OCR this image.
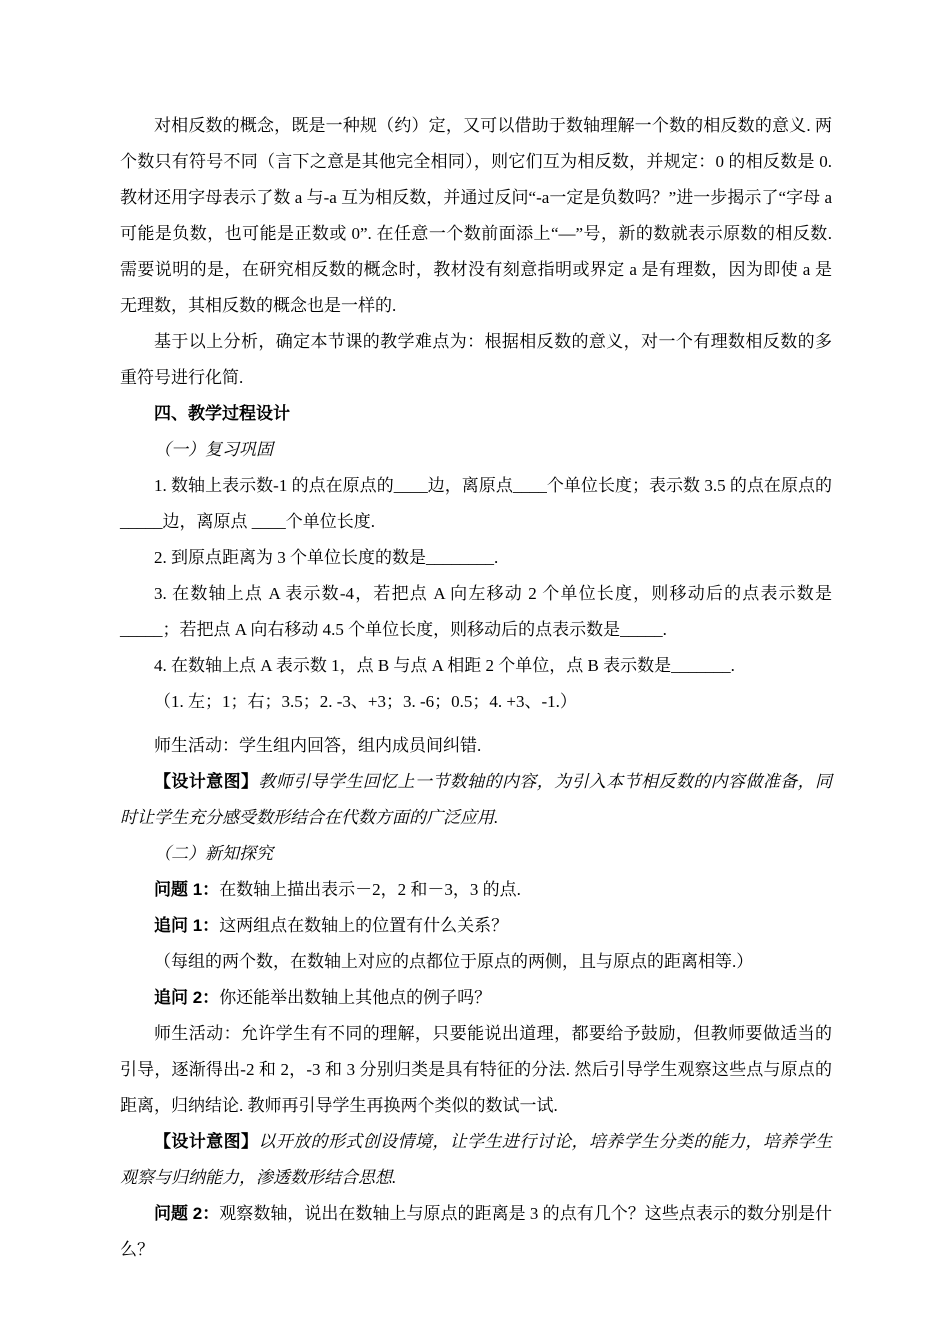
对相反数的概念，既是一种规（约）定，又可以借助于数轴理解一个数的相反数的意义. 两个数只有符号不同（言下之意是其他完全相同），则它们互为相反数，并规定：0 的相反数是 0. 教材还用字母表示了数 a 与-a 互为相反数，并通过反问“-a一定是负数吗？”进一步揭示了“字母 a 可能是负数，也可能是正数或 0”. 在任意一个数前面添上“—”号，新的数就表示原数的相反数. 需要说明的是，在研究相反数的概念时，教材没有刻意指明或界定 a 是有理数，因为即使 a 是无理数，其相反数的概念也是一样的.

基于以上分析，确定本节课的教学难点为：根据相反数的意义，对一个有理数相反数的多重符号进行化简.

四、教学过程设计

（一）复习巩固

1. 数轴上表示数-1 的点在原点的____边，离原点____个单位长度；表示数 3.5 的点在原点的_____边，离原点 ____个单位长度.

2. 到原点距离为 3 个单位长度的数是________.

3. 在数轴上点 A 表示数-4，若把点 A 向左移动 2 个单位长度，则移动后的点表示数是_____；若把点 A 向右移动 4.5 个单位长度，则移动后的点表示数是_____.

4. 在数轴上点 A 表示数 1，点 B 与点 A 相距 2 个单位，点 B 表示数是_______.

（1. 左；1；右；3.5；2. -3、+3；3. -6；0.5；4. +3、-1.）

师生活动：学生组内回答，组内成员间纠错.

【设计意图】教师引导学生回忆上一节数轴的内容，为引入本节相反数的内容做准备，同时让学生充分感受数形结合在代数方面的广泛应用.

（二）新知探究

问题 1：在数轴上描出表示－2，2 和－3，3 的点.

追问 1：这两组点在数轴上的位置有什么关系？

（每组的两个数，在数轴上对应的点都位于原点的两侧，且与原点的距离相等.）

追问 2：你还能举出数轴上其他点的例子吗？

师生活动：允许学生有不同的理解，只要能说出道理，都要给予鼓励，但教师要做适当的引导，逐渐得出-2 和 2，-3 和 3 分别归类是具有特征的分法. 然后引导学生观察这些点与原点的距离，归纳结论. 教师再引导学生再换两个类似的数试一试.

【设计意图】以开放的形式创设情境，让学生进行讨论，培养学生分类的能力，培养学生观察与归纳能力，渗透数形结合思想.

问题 2：观察数轴，说出在数轴上与原点的距离是 3 的点有几个？这些点表示的数分别是什么？
